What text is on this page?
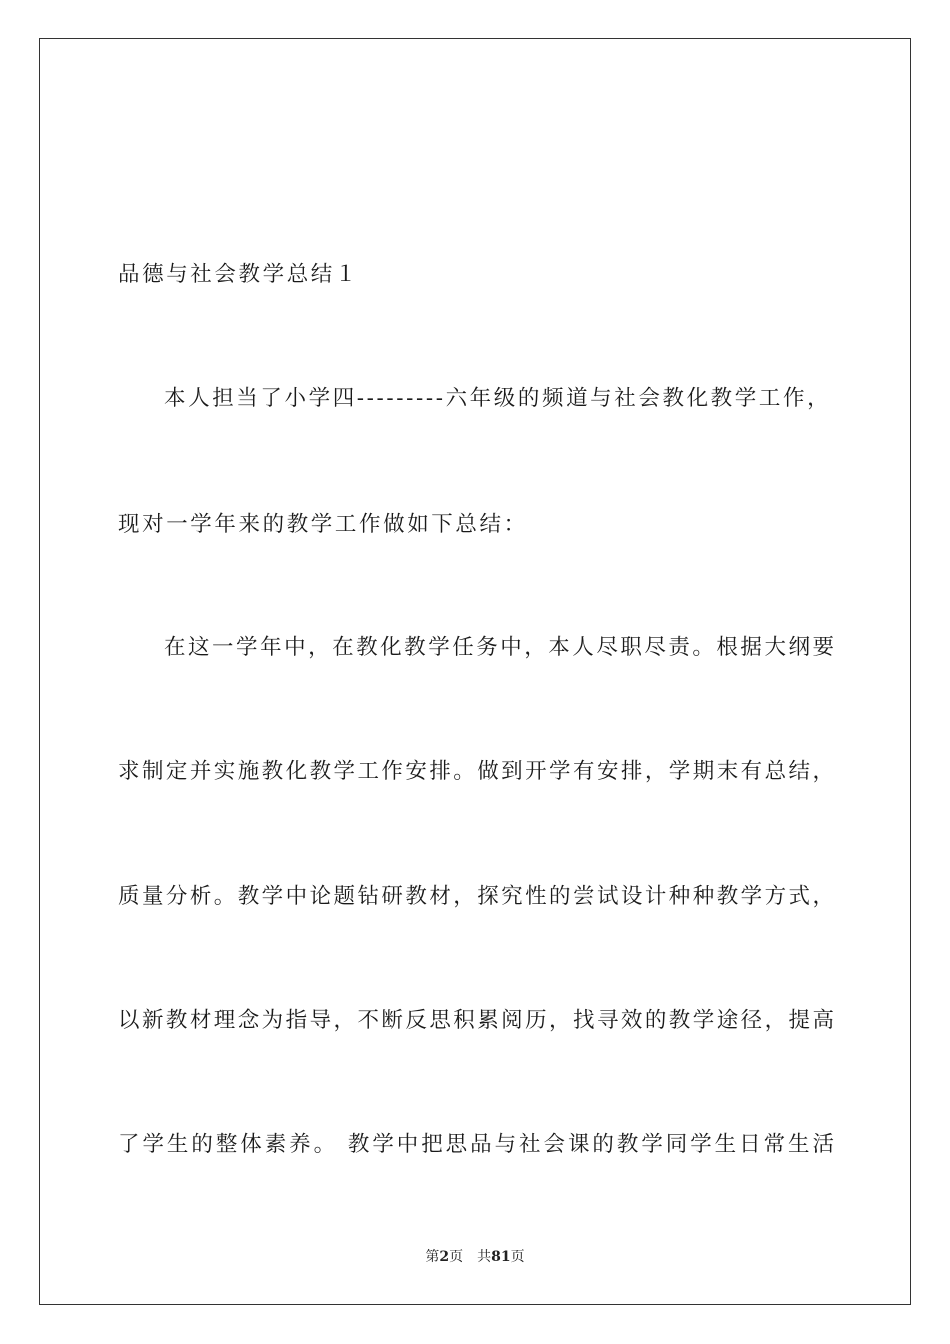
品德与社会教学总结１
本人担当了小学四---------六年级的频道与社会教化教学工作，
现对一学年来的教学工作做如下总结：
在这一学年中，在教化教学任务中，本人尽职尽责。根据大纲要
求制定并实施教化教学工作安排。做到开学有安排，学期末有总结，
质量分析。教学中论题钻研教材，探究性的尝试设计种种教学方式，
以新教材理念为指导，不断反思积累阅历，找寻效的教学途径，提高
了学生的整体素养。 教学中把思品与社会课的教学同学生日常生活
第2页 共81页
